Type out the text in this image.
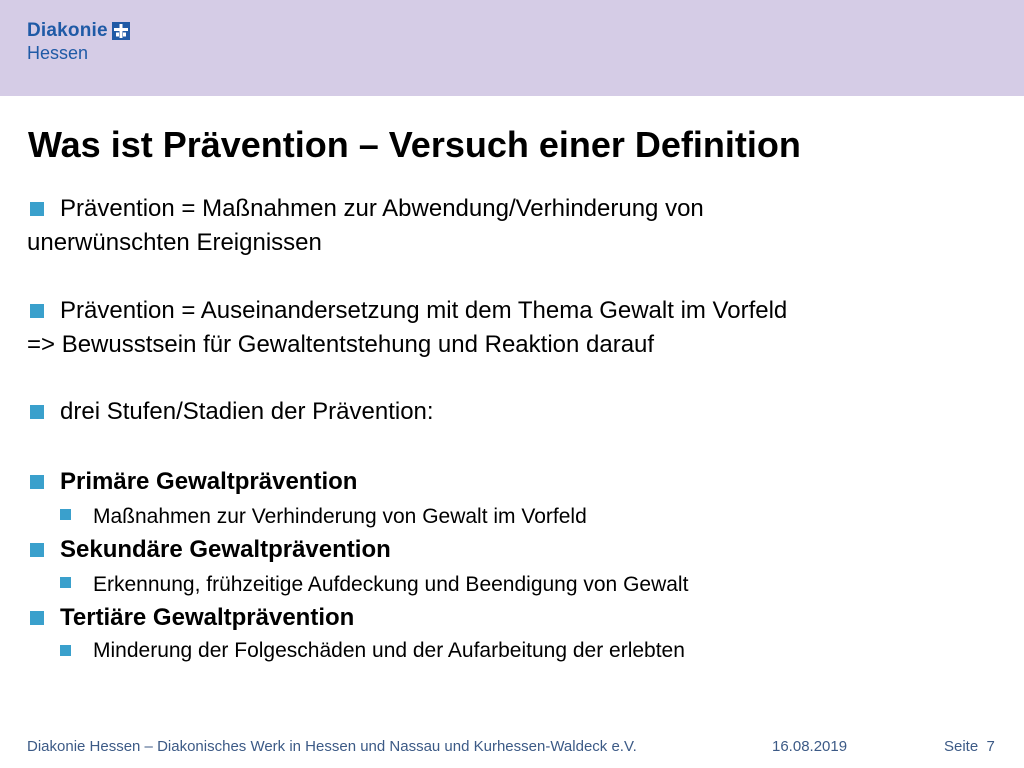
Diakonie
Hessen
Was ist Prävention – Versuch einer Definition
Prävention = Maßnahmen zur Abwendung/Verhinderung von
unerwünschten Ereignissen
Prävention = Auseinandersetzung mit dem Thema Gewalt im Vorfeld
=> Bewusstsein für Gewaltentstehung und Reaktion darauf
drei Stufen/Stadien der Prävention:
Primäre Gewaltprävention
Maßnahmen zur Verhinderung von Gewalt im Vorfeld
Sekundäre Gewaltprävention
Erkennung, frühzeitige Aufdeckung und Beendigung von Gewalt
Tertiäre Gewaltprävention
Minderung der Folgeschäden und der Aufarbeitung der erlebten
Diakonie Hessen – Diakonisches Werk in Hessen und Nassau und Kurhessen-Waldeck e.V.	16.08.2019	Seite 7
